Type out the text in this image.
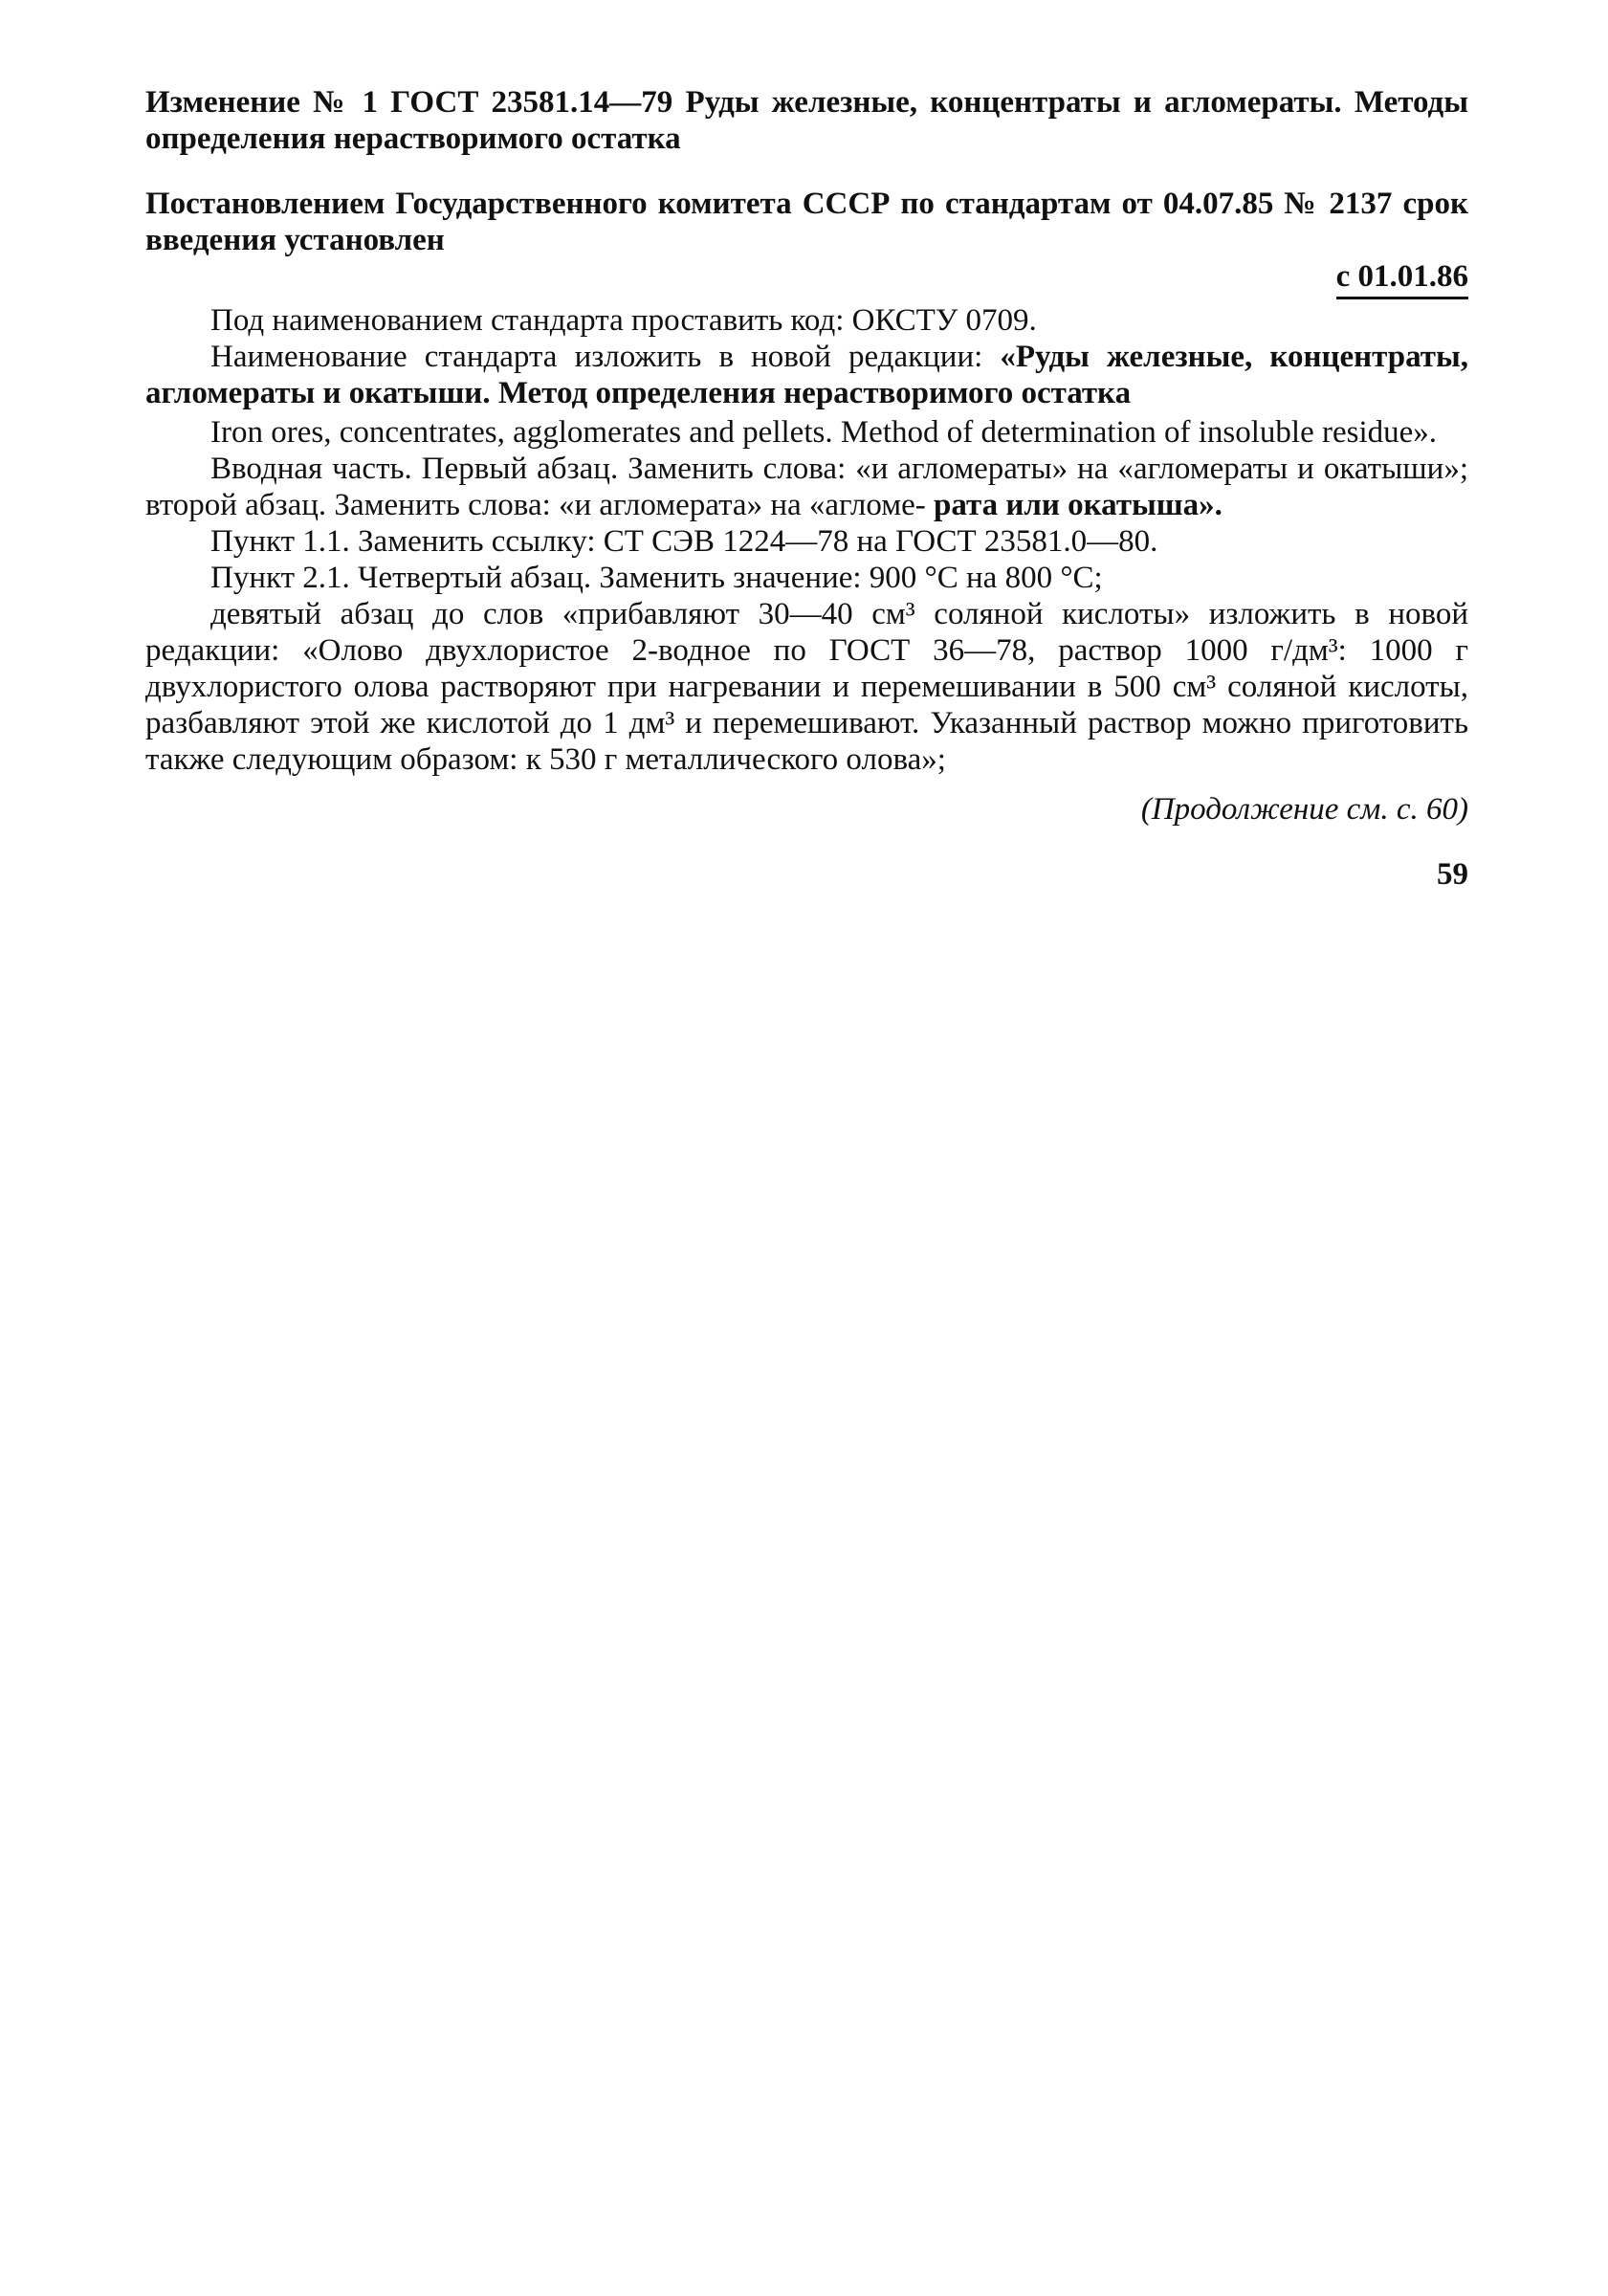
Изменение № 1 ГОСТ 23581.14—79 Руды железные, концентраты и агломераты. Методы определения нерастворимого остатка

Постановлением Государственного комитета СССР по стандартам от 04.07.85 № 2137 срок введения установлен

с 01.01.86

Под наименованием стандарта проставить код: ОКСТУ 0709.

Наименование стандарта изложить в новой редакции: «Руды железные, концентраты, агломераты и окатыши. Метод определения нерастворимого остатка

Iron ores, concentrates, agglomerates and pellets. Method of determination of insoluble residue».

Вводная часть. Первый абзац. Заменить слова: «и агломераты» на «агломераты и окатыши»; второй абзац. Заменить слова: «и агломерата» на «агломе- рата или окатыша».

Пункт 1.1. Заменить ссылку: СТ СЭВ 1224—78 на ГОСТ 23581.0—80.

Пункт 2.1. Четвертый абзац. Заменить значение: 900 °С на 800 °С;

девятый абзац до слов «прибавляют 30—40 см³ соляной кислоты» изложить в новой редакции: «Олово двухлористое 2-водное по ГОСТ 36—78, раствор 1000 г/дм³: 1000 г двухлористого олова растворяют при нагревании и перемешивании в 500 см³ соляной кислоты, разбавляют этой же кислотой до 1 дм³ и перемешивают. Указанный раствор можно приготовить также следующим образом: к 530 г металлического олова»;

(Продолжение см. с. 60)

59
